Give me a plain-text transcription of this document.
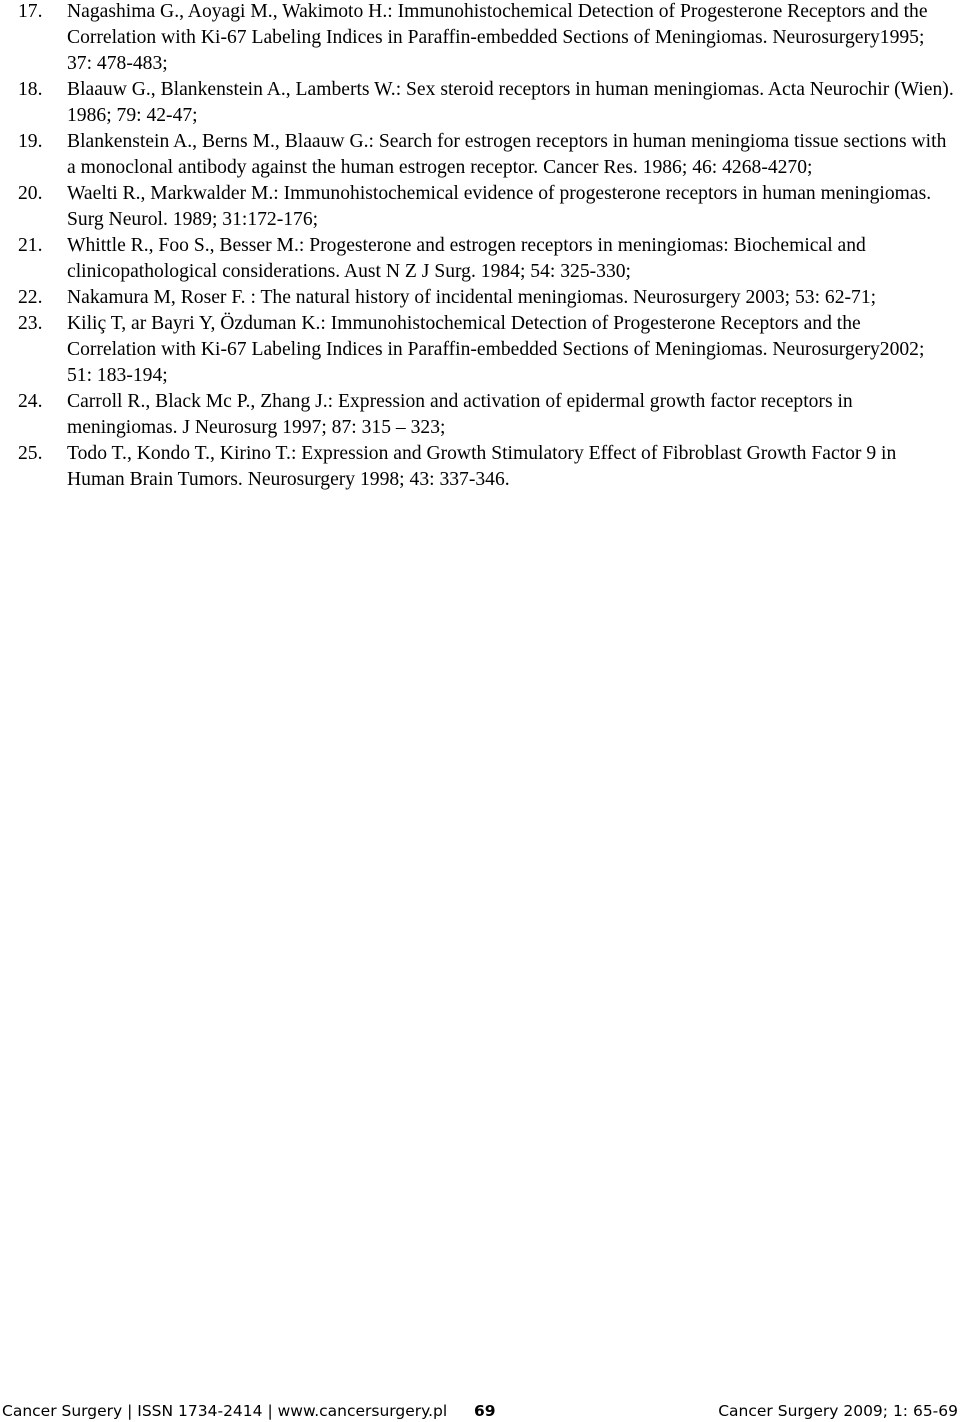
17.	Nagashima G., Aoyagi M., Wakimoto H.: Immunohistochemical Detection of Progesterone Receptors and the Correlation with Ki-67 Labeling Indices in Paraffin-embedded Sections of Meningiomas. Neurosurgery1995; 37: 478-483;
18.	Blaauw G., Blankenstein A., Lamberts W.: Sex steroid receptors in human meningiomas. Acta Neurochir (Wien). 1986; 79: 42-47;
19.	Blankenstein A., Berns M., Blaauw G.: Search for estrogen receptors in human meningioma tissue sections with a monoclonal antibody against the human estrogen receptor. Cancer Res. 1986; 46: 4268-4270;
20.	Waelti R., Markwalder M.: Immunohistochemical evidence of progesterone receptors in human meningiomas. Surg Neurol. 1989; 31:172-176;
21.	Whittle R., Foo S., Besser M.: Progesterone and estrogen receptors in meningiomas: Biochemical and clinicopathological considerations. Aust N Z J Surg. 1984; 54: 325-330;
22.	Nakamura M, Roser F. : The natural history of incidental meningiomas. Neurosurgery 2003; 53: 62-71;
23.	Kiliç T, ar Bayri Y, Özduman K.: Immunohistochemical Detection of Progesterone Receptors and the Correlation with Ki-67 Labeling Indices in Paraffin-embedded Sections of Meningiomas. Neurosurgery2002; 51: 183-194;
24.	Carroll R., Black Mc P., Zhang J.: Expression and activation of epidermal growth factor receptors in meningiomas. J Neurosurg 1997; 87: 315 – 323;
25.	Todo T., Kondo T., Kirino T.: Expression and Growth Stimulatory Effect of Fibroblast Growth Factor 9 in Human Brain Tumors. Neurosurgery 1998; 43: 337-346.
Cancer Surgery | ISSN 1734-2414 | www.cancersurgery.pl 69	Cancer Surgery 2009; 1: 65-69
